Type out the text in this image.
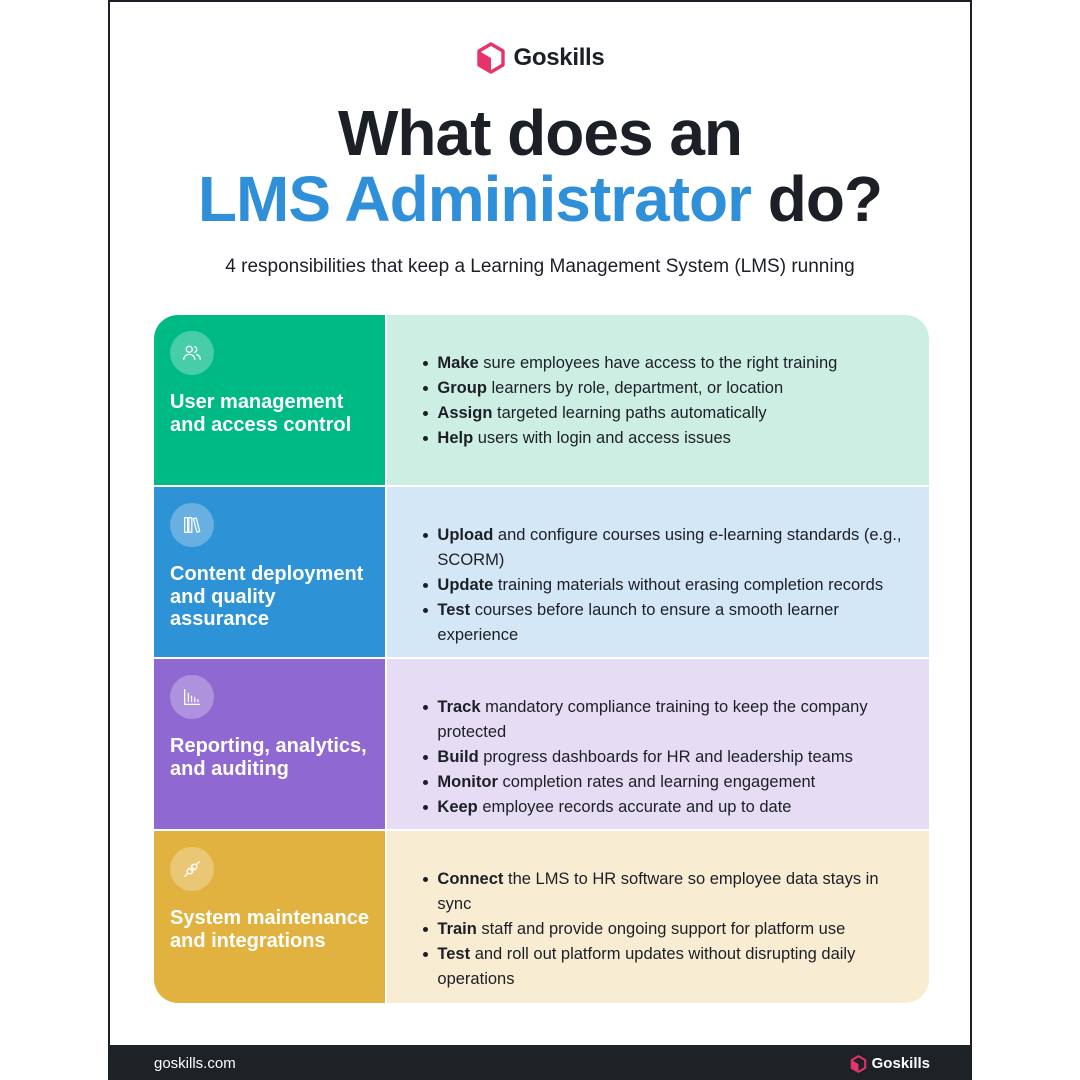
Goskills
What does an
LMS Administrator do?

4 responsibilities that keep a Learning Management System (LMS) running

User management and access control
Make sure employees have access to the right training
Group learners by role, department, or location
Assign targeted learning paths automatically
Help users with login and access issues
Content deployment and quality assurance
Upload and configure courses using e-learning standards (e.g., SCORM)
Update training materials without erasing completion records
Test courses before launch to ensure a smooth learner experience
Reporting, analytics, and auditing
Track mandatory compliance training to keep the company protected
Build progress dashboards for HR and leadership teams
Monitor completion rates and learning engagement
Keep employee records accurate and up to date
System maintenance and integrations
Connect the LMS to HR software so employee data stays in sync
Train staff and provide ongoing support for platform use
Test and roll out platform updates without disrupting daily operations
goskills.com	Goskills
